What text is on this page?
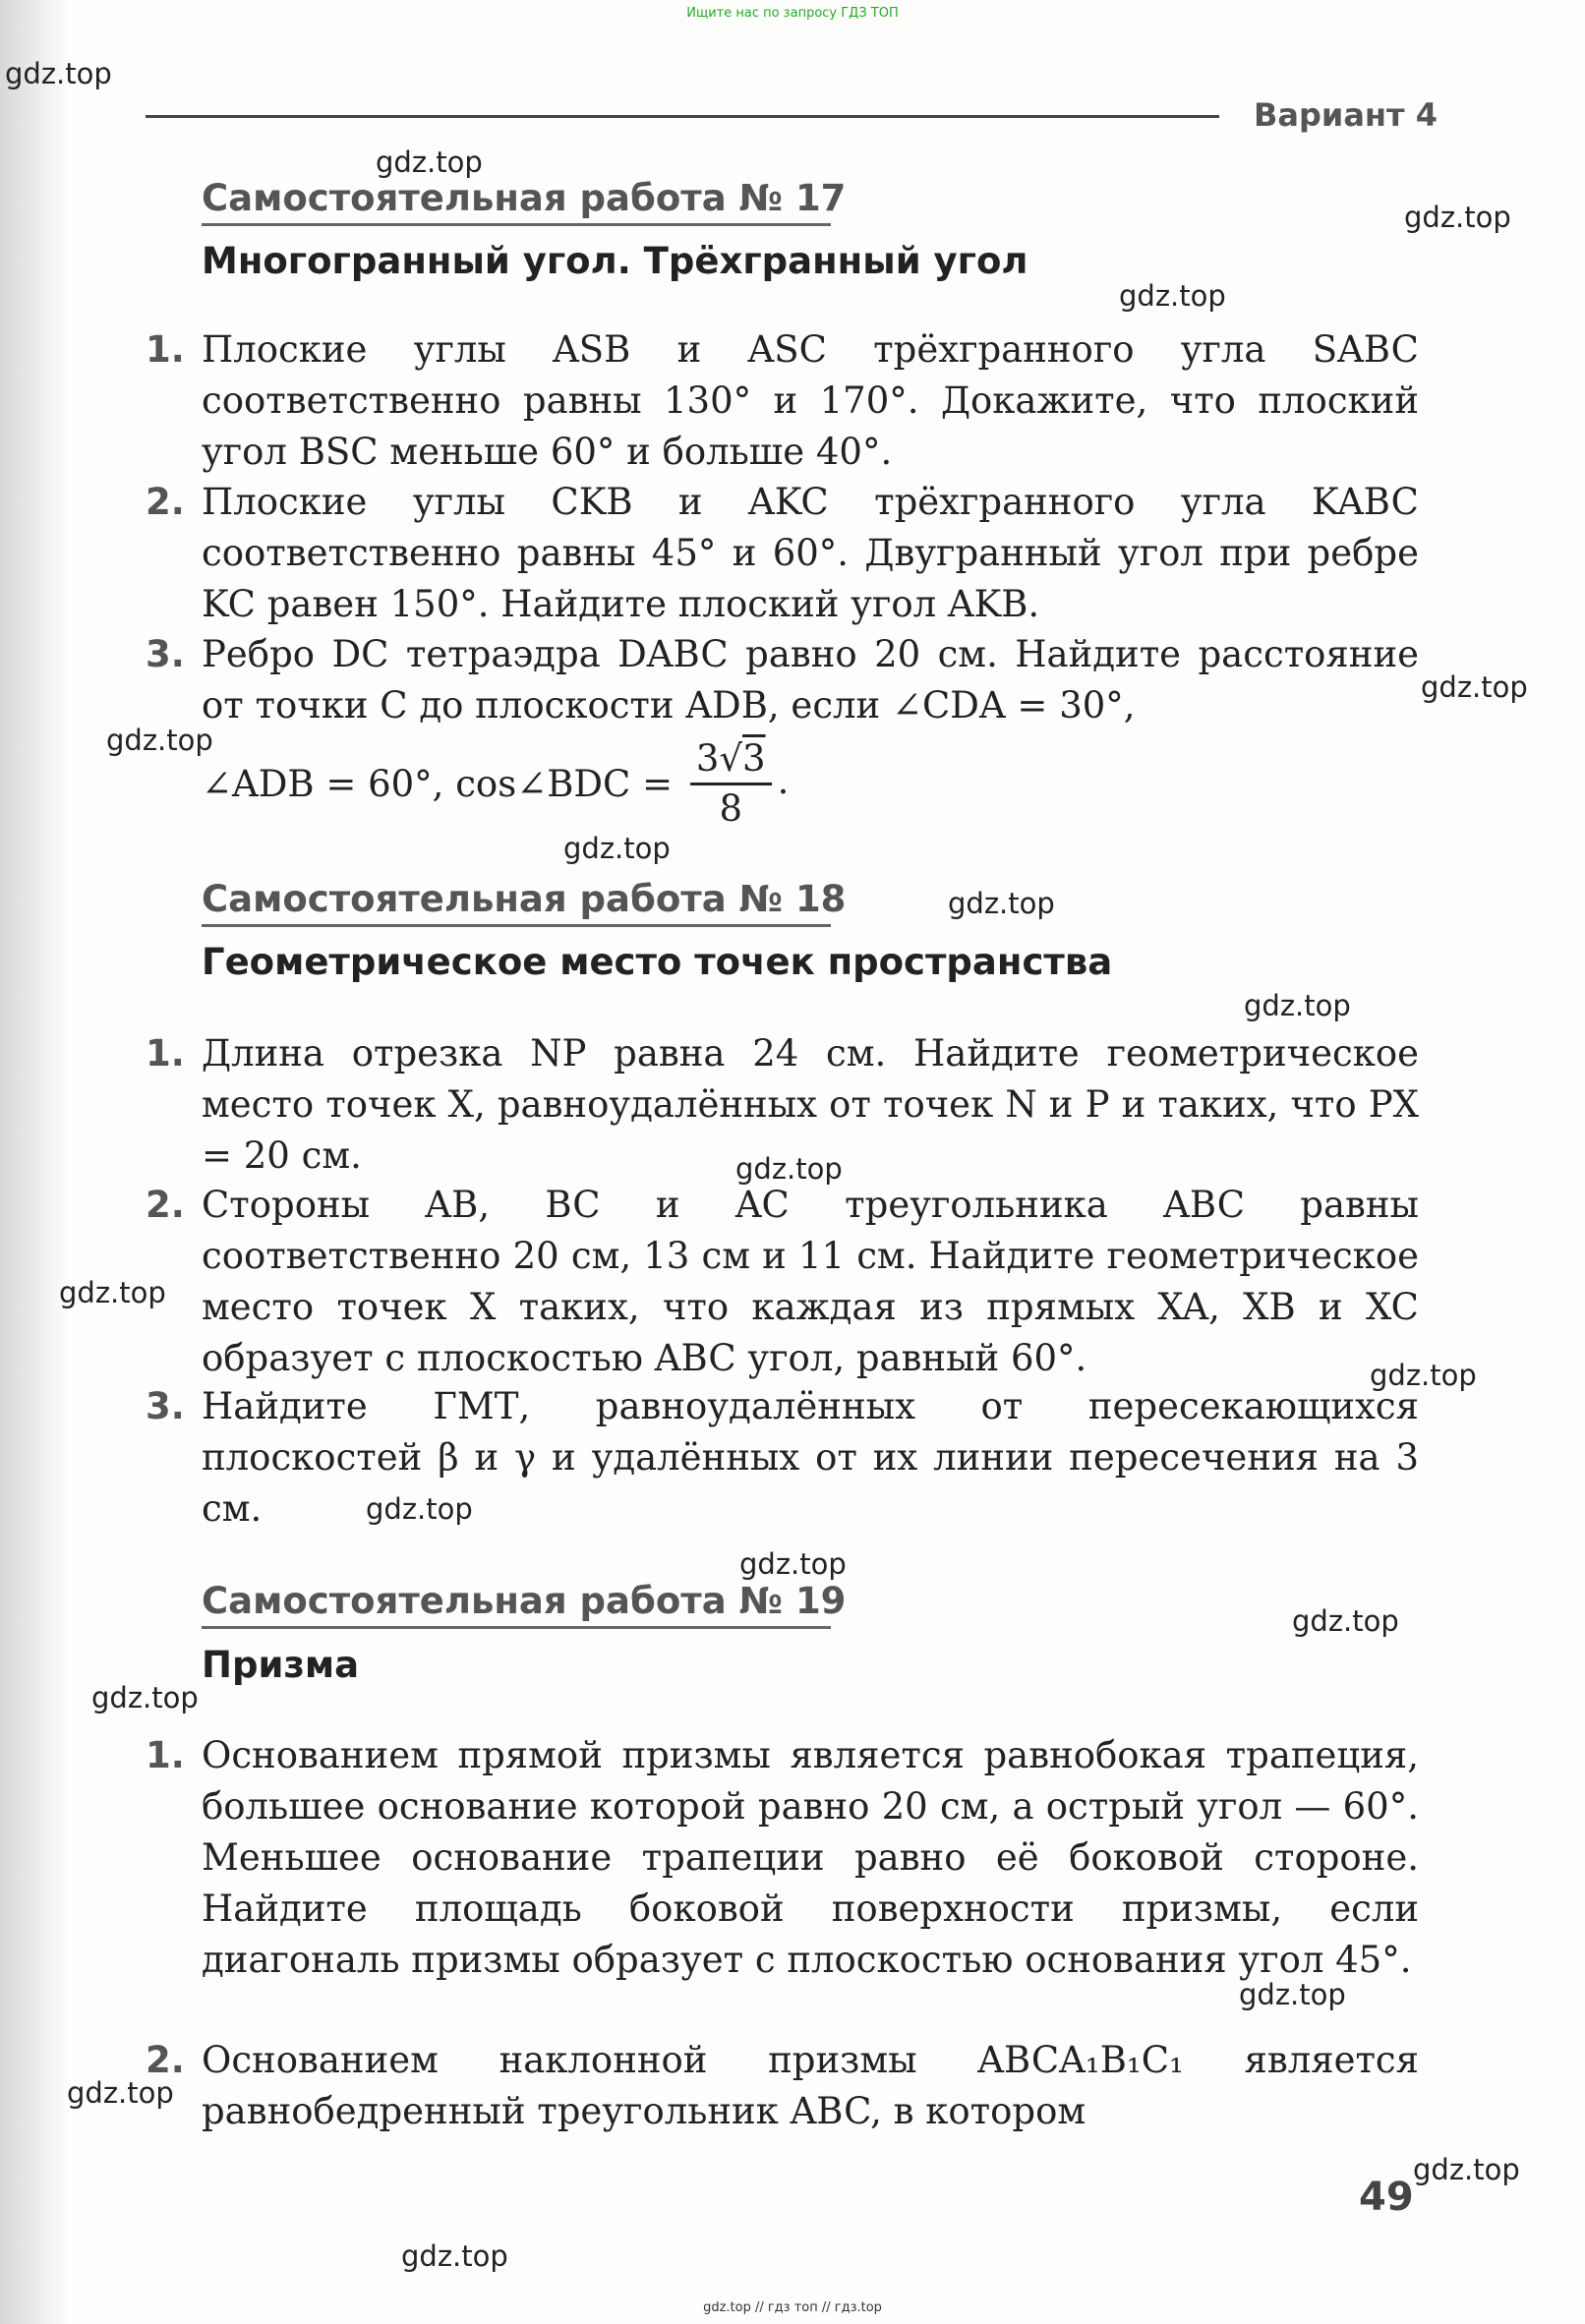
Ищите нас по запросу ГДЗ ТОП
Вариант 4
Самостоятельная работа № 17
Многогранный угол. Трёхгранный угол
1. Плоские углы ASB и ASC трёхгранного угла SABC соответственно равны 130° и 170°. Докажите, что плоский угол BSC меньше 60° и больше 40°.
2. Плоские углы CKB и AKC трёхгранного угла KABC соответственно равны 45° и 60°. Двугранный угол при ребре KC равен 150°. Найдите плоский угол AKB.
3. Ребро DC тетраэдра DABC равно 20 см. Найдите расстояние от точки C до плоскости ADB, если ∠CDA = 30°,
∠ADB = 60°, cos∠BDC = $\frac{3√3}{8}$ .
Самостоятельная работа № 18
Геометрическое место точек пространства
1. Длина отрезка NP равна 24 см. Найдите геометрическое место точек X, равноудалённых от точек N и P и таких, что PX = 20 см.
2. Стороны AB, BC и AC треугольника ABC равны соответственно 20 см, 13 см и 11 см. Найдите геометрическое место точек X таких, что каждая из прямых XA, XB и XC образует с плоскостью ABC угол, равный 60°.
3. Найдите ГМТ, равноудалённых от пересекающихся плоскостей β и γ и удалённых от их линии пересечения на 3 см.
Самостоятельная работа № 19
Призма
1. Основанием прямой призмы является равнобокая трапеция, большее основание которой равно 20 см, а острый угол — 60°. Меньшее основание трапеции равно её боковой стороне. Найдите площадь боковой поверхности призмы, если диагональ призмы образует с плоскостью основания угол 45°.
2. Основанием наклонной призмы ABCA₁B₁C₁ является равнобедренный треугольник ABC, в котором
49
gdz.top
gdz.top
gdz.top
gdz.top
gdz.top
gdz.top
gdz.top
gdz.top
gdz.top
gdz.top
gdz.top
gdz.top
gdz.top
gdz.top
gdz.top
gdz.top
gdz.top
gdz.top
gdz.top
gdz.top
gdz.top // гдз топ // гдз.top
